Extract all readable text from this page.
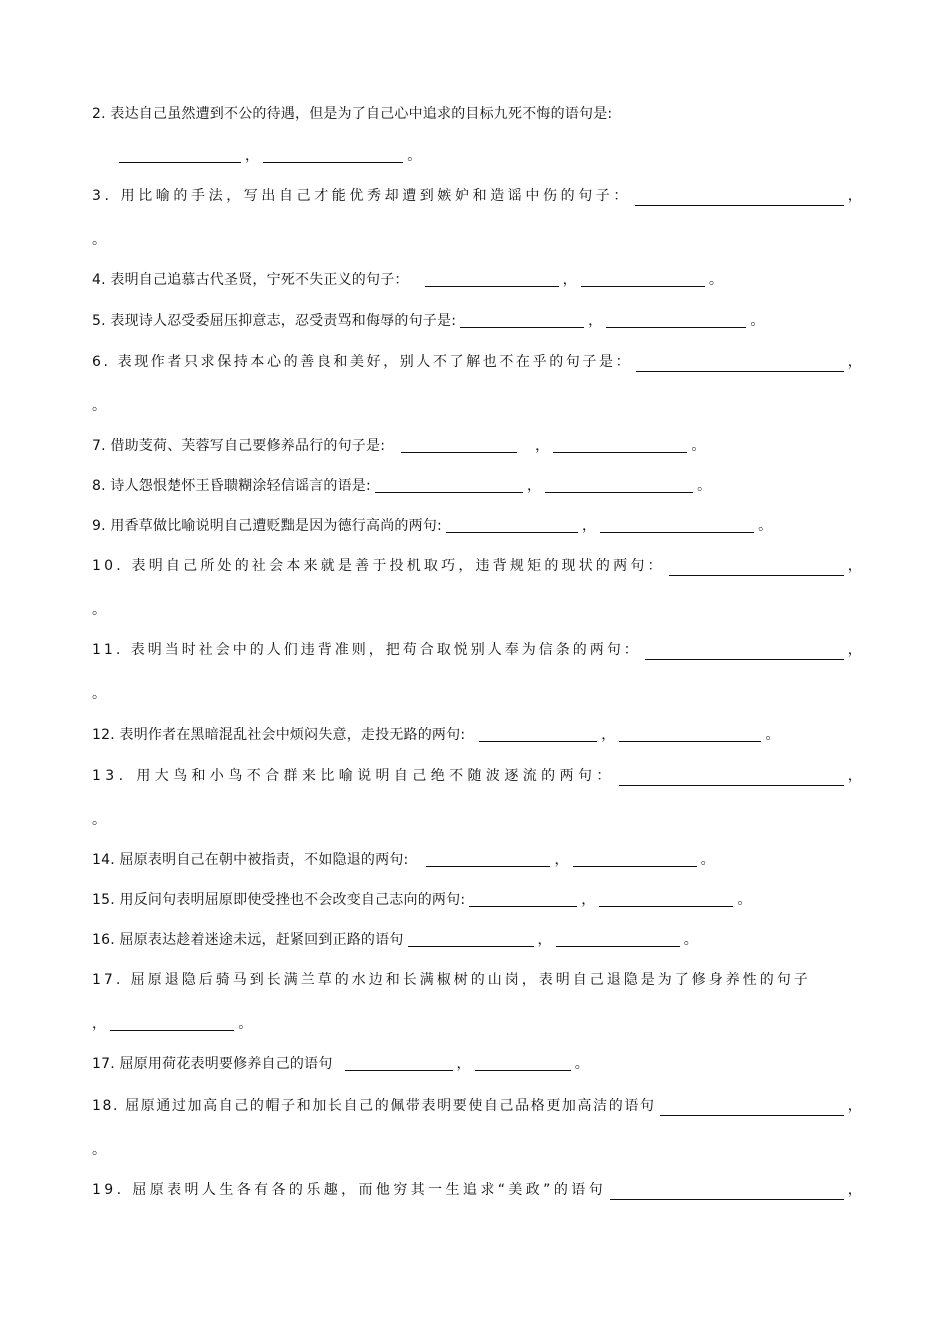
2. 表达自己虽然遭到不公的待遇，但是为了自己心中追求的目标九死不悔的语句是:
，	。
3. 用比喻的手法，写出自己才能优秀却遭到嫉妒和造谣中伤的句子：	，
。
4. 表明自己追慕古代圣贤，宁死不失正义的句子：	，	。
5. 表现诗人忍受委屈压抑意志，忍受责骂和侮辱的句子是:	，	。
6. 表现作者只求保持本心的善良和美好，别人不了解也不在乎的句子是：	，
。
7. 借助芰荷、芙蓉写自己要修养品行的句子是:	，	。
8. 诗人怨恨楚怀王昏聩糊涂轻信谣言的语是:	，	。
9. 用香草做比喻说明自己遭贬黜是因为德行高尚的两句:	，	。
10. 表明自己所处的社会本来就是善于投机取巧，违背规矩的现状的两句：	，
。
11. 表明当时社会中的人们违背准则，把苟合取悦别人奉为信条的两句：	，
。
12. 表明作者在黑暗混乱社会中烦闷失意，走投无路的两句:	，	。
13. 用大鸟和小鸟不合群来比喻说明自己绝不随波逐流的两句：	，
。
14. 屈原表明自己在朝中被指责，不如隐退的两句:	，	。
15. 用反问句表明屈原即使受挫也不会改变自己志向的两句:	，	。
16. 屈原表达趁着迷途未远，赶紧回到正路的语句	，	。
17. 屈原退隐后骑马到长满兰草的水边和长满椒树的山岗，表明自己退隐是为了修身养性的句子
，	。
17. 屈原用荷花表明要修养自己的语句	，	。
18. 屈原通过加高自己的帽子和加长自己的佩带表明要使自己品格更加高洁的语句	，
。
19. 屈原表明人生各有各的乐趣，而他穷其一生追求“美政”的语句	，
